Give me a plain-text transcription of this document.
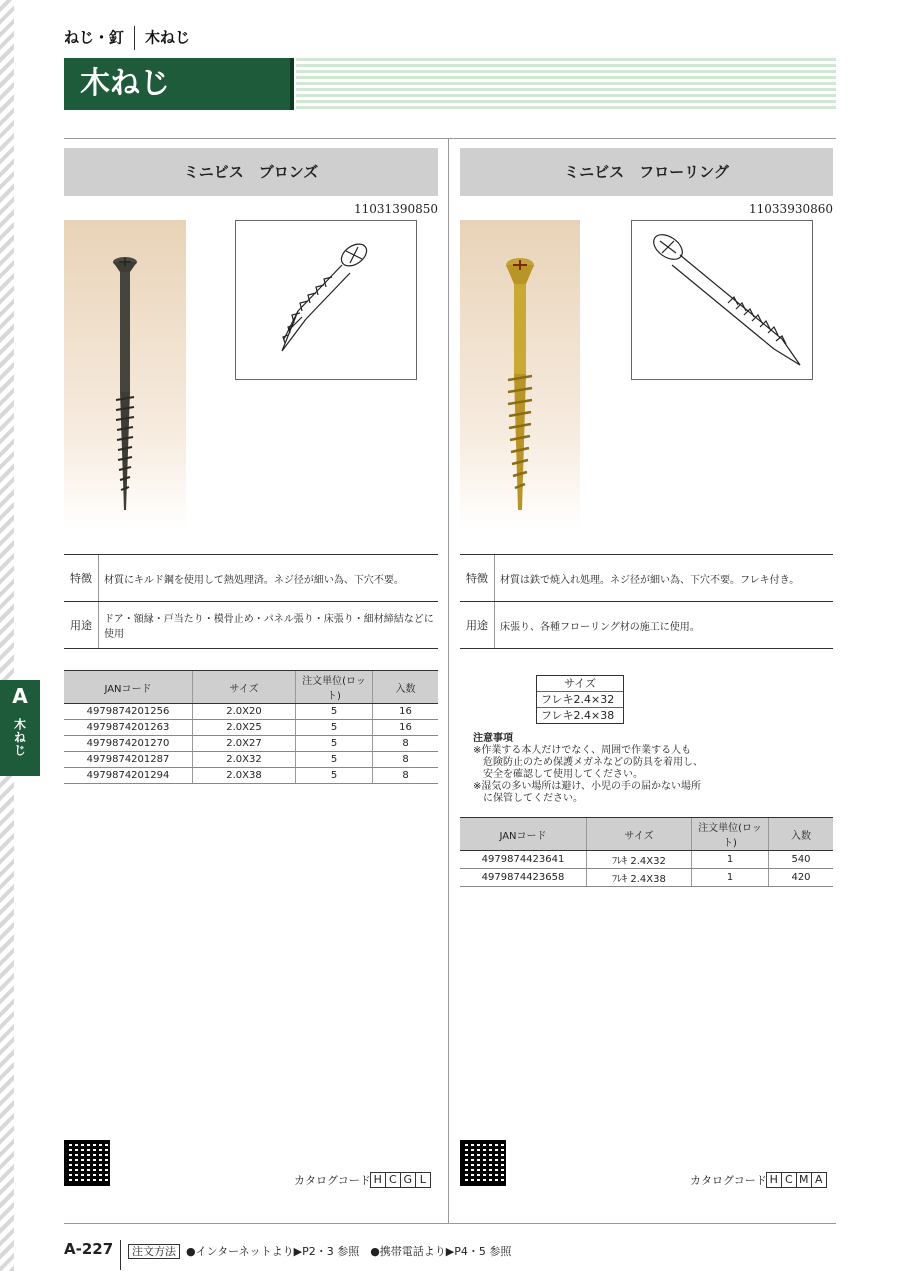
A
木ねじ
ねじ・釘 木ねじ
木ねじ
ミニビス　ブロンズ
11031390850
特徴	材質にキルド鋼を使用して熱処理済。ネジ径が細い為、下穴不要。
用途	ドア・額縁・戸当たり・模骨止め・パネル張り・床張り・細材締結などに使用
JANコード	サイズ	注文単位(ロット)	入数
4979874201256	2.0X20	5	16
4979874201263	2.0X25	5	16
4979874201270	2.0X27	5	8
4979874201287	2.0X32	5	8
4979874201294	2.0X38	5	8
カタログコード H C G L
ミニビス　フローリング
11033930860
特徴	材質は鉄で焼入れ処理。ネジ径が細い為、下穴不要。フレキ付き。
用途	床張り、各種フローリング材の施工に使用。
サイズ
フレキ2.4×32
フレキ2.4×38
注意事項
※作業する本人だけでなく、周囲で作業する人も
　危険防止のため保護メガネなどの防具を着用し、
　安全を確認して使用してください。
※湿気の多い場所は避け、小児の手の届かない場所
　に保管してください。
JANコード	サイズ	注文単位(ロット)	入数
4979874423641	ﾌﾚｷ 2.4X32	1	540
4979874423658	ﾌﾚｷ 2.4X38	1	420
カタログコード H C M A
A-227	注文方法 ●インターネットより▶P2・3 参照　●携帯電話より▶P4・5 参照
